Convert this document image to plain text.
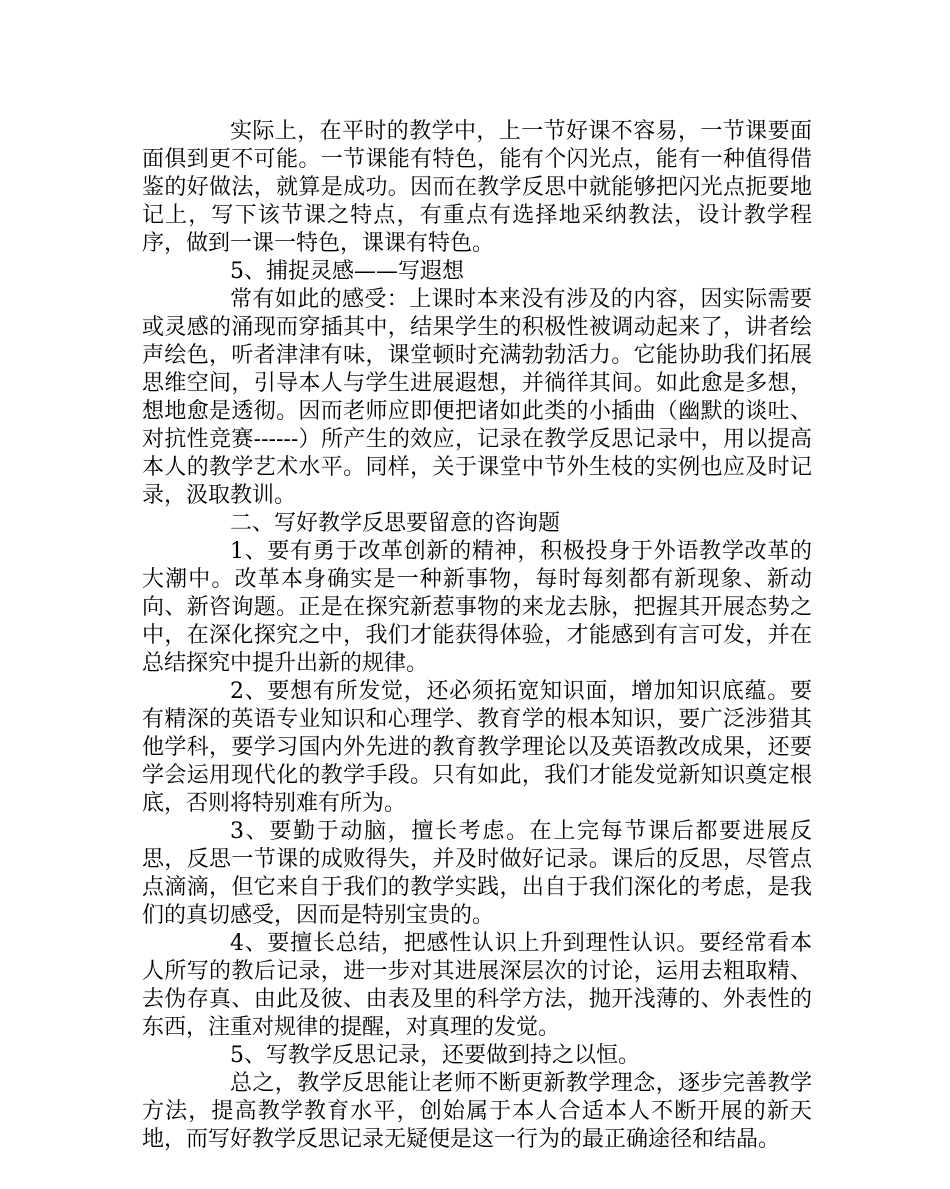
实际上，在平时的教学中，上一节好课不容易，一节课要面面俱到更不可能。一节课能有特色，能有个闪光点，能有一种值得借鉴的好做法，就算是成功。因而在教学反思中就能够把闪光点扼要地记上，写下该节课之特点，有重点有选择地采纳教法，设计教学程序，做到一课一特色，课课有特色。

5、捕捉灵感——写遐想

常有如此的感受：上课时本来没有涉及的内容，因实际需要或灵感的涌现而穿插其中，结果学生的积极性被调动起来了，讲者绘声绘色，听者津津有味，课堂顿时充满勃勃活力。它能协助我们拓展思维空间，引导本人与学生进展遐想，并徜徉其间。如此愈是多想，想地愈是透彻。因而老师应即便把诸如此类的小插曲（幽默的谈吐、对抗性竞赛------）所产生的效应，记录在教学反思记录中，用以提高本人的教学艺术水平。同样，关于课堂中节外生枝的实例也应及时记录，汲取教训。

二、写好教学反思要留意的咨询题

1、要有勇于改革创新的精神，积极投身于外语教学改革的大潮中。改革本身确实是一种新事物，每时每刻都有新现象、新动向、新咨询题。正是在探究新惹事物的来龙去脉，把握其开展态势之中，在深化探究之中，我们才能获得体验，才能感到有言可发，并在总结探究中提升出新的规律。

2、要想有所发觉，还必须拓宽知识面，增加知识底蕴。要有精深的英语专业知识和心理学、教育学的根本知识，要广泛涉猎其他学科，要学习国内外先进的教育教学理论以及英语教改成果，还要学会运用现代化的教学手段。只有如此，我们才能发觉新知识奠定根底，否则将特别难有所为。

3、要勤于动脑，擅长考虑。在上完每节课后都要进展反思，反思一节课的成败得失，并及时做好记录。课后的反思，尽管点点滴滴，但它来自于我们的教学实践，出自于我们深化的考虑，是我们的真切感受，因而是特别宝贵的。

4、要擅长总结，把感性认识上升到理性认识。要经常看本人所写的教后记录，进一步对其进展深层次的讨论，运用去粗取精、去伪存真、由此及彼、由表及里的科学方法，抛开浅薄的、外表性的东西，注重对规律的提醒，对真理的发觉。

5、写教学反思记录，还要做到持之以恒。

总之，教学反思能让老师不断更新教学理念，逐步完善教学方法，提高教学教育水平，创始属于本人合适本人不断开展的新天地，而写好教学反思记录无疑便是这一行为的最正确途径和结晶。
